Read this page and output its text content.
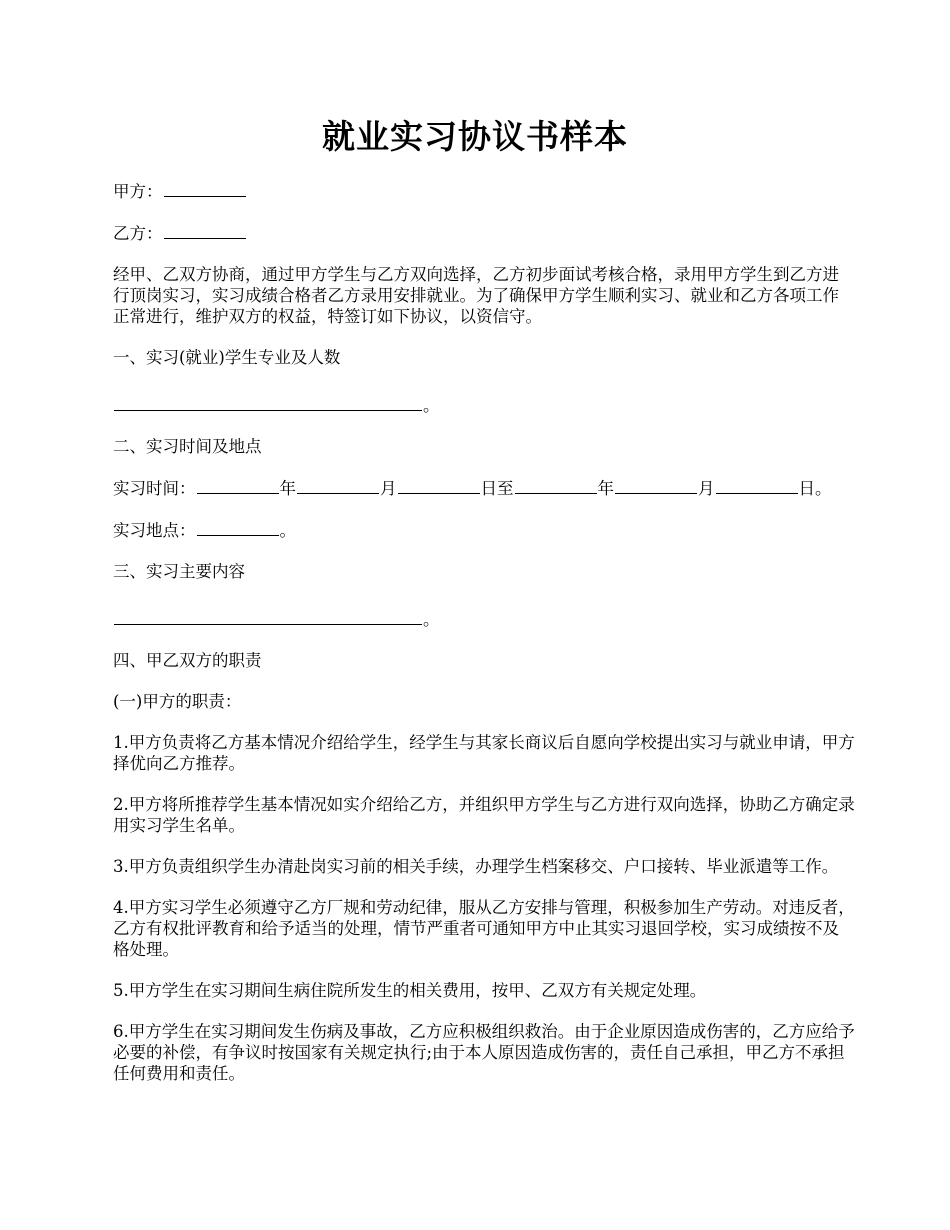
就业实习协议书样本

甲方：

乙方：

经甲、乙双方协商，通过甲方学生与乙方双向选择，乙方初步面试考核合格，录用甲方学生到乙方进行顶岗实习，实习成绩合格者乙方录用安排就业。为了确保甲方学生顺利实习、就业和乙方各项工作正常进行，维护双方的权益，特签订如下协议，以资信守。

一、实习(就业)学生专业及人数

。

二、实习时间及地点

实习时间：	年	月	日至	年	月	日。

实习地点：	。

三、实习主要内容

。

四、甲乙双方的职责

(一)甲方的职责：

1.甲方负责将乙方基本情况介绍给学生，经学生与其家长商议后自愿向学校提出实习与就业申请，甲方择优向乙方推荐。

2.甲方将所推荐学生基本情况如实介绍给乙方，并组织甲方学生与乙方进行双向选择，协助乙方确定录用实习学生名单。

3.甲方负责组织学生办清赴岗实习前的相关手续，办理学生档案移交、户口接转、毕业派遣等工作。

4.甲方实习学生必须遵守乙方厂规和劳动纪律，服从乙方安排与管理，积极参加生产劳动。对违反者，乙方有权批评教育和给予适当的处理，情节严重者可通知甲方中止其实习退回学校，实习成绩按不及格处理。

5.甲方学生在实习期间生病住院所发生的相关费用，按甲、乙双方有关规定处理。

6.甲方学生在实习期间发生伤病及事故，乙方应积极组织救治。由于企业原因造成伤害的，乙方应给予必要的补偿，有争议时按国家有关规定执行;由于本人原因造成伤害的，责任自己承担，甲乙方不承担任何费用和责任。
